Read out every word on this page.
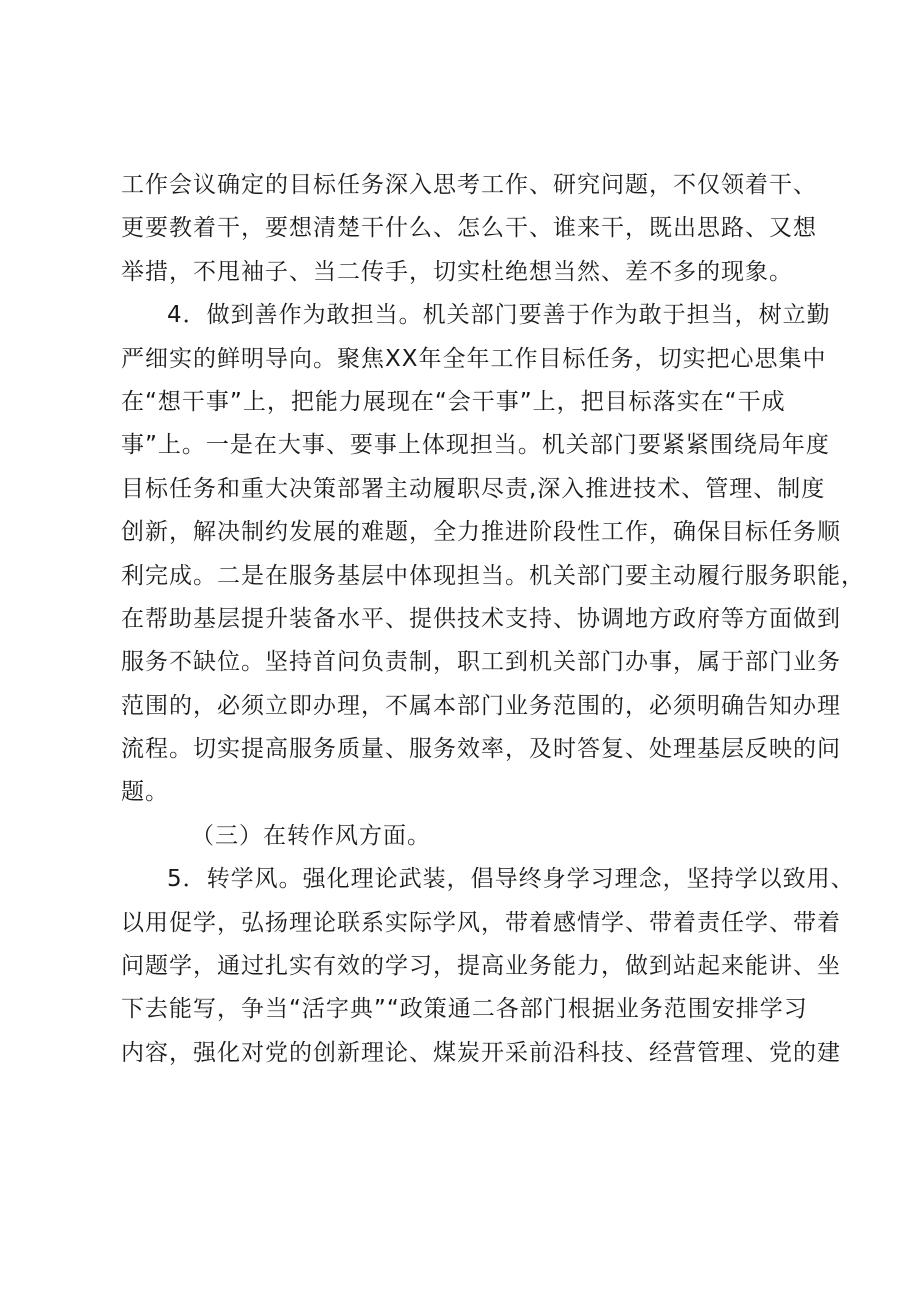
工作会议确定的目标任务深入思考工作、研究问题，不仅领着干、
更要教着干，要想清楚干什么、怎么干、谁来干，既出思路、又想
举措，不甩袖子、当二传手，切实杜绝想当然、差不多的现象。
4．做到善作为敢担当。机关部门要善于作为敢于担当，树立勤
严细实的鲜明导向。聚焦XX年全年工作目标任务，切实把心思集中
在“想干事”上，把能力展现在“会干事”上，把目标落实在“干成
事”上。一是在大事、要事上体现担当。机关部门要紧紧围绕局年度
目标任务和重大决策部署主动履职尽责,深入推进技术、管理、制度
创新，解决制约发展的难题，全力推进阶段性工作，确保目标任务顺
利完成。二是在服务基层中体现担当。机关部门要主动履行服务职能，
在帮助基层提升装备水平、提供技术支持、协调地方政府等方面做到
服务不缺位。坚持首问负责制，职工到机关部门办事，属于部门业务
范围的，必须立即办理，不属本部门业务范围的，必须明确告知办理
流程。切实提高服务质量、服务效率，及时答复、处理基层反映的问
题。
（三）在转作风方面。
5．转学风。强化理论武装，倡导终身学习理念，坚持学以致用、
以用促学，弘扬理论联系实际学风，带着感情学、带着责任学、带着
问题学，通过扎实有效的学习，提高业务能力，做到站起来能讲、坐
下去能写，争当“活字典”“政策通二各部门根据业务范围安排学习
内容，强化对党的创新理论、煤炭开采前沿科技、经营管理、党的建
